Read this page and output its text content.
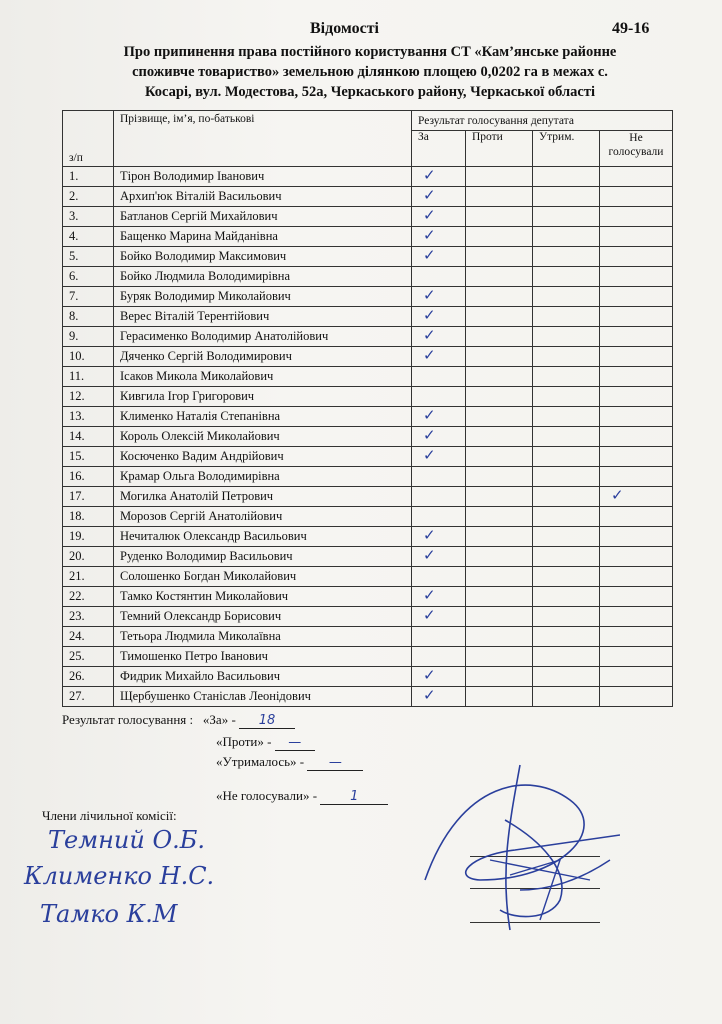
Відомості	49-16
Про припинення права постійного користування СТ «Кам’янське районне
споживче товариство» земельною ділянкою площею 0,0202 га в межах с.
Косарі, вул. Модестова, 52а, Черкаського району, Черкаської області
з/п	Прізвище, ім’я, по-батькові	Результат голосування депутата			
		За	Проти	Утрим.	Не голосували
1.	Тірон Володимир Іванович	✓			

2.	Архип'юк Віталій Васильович	✓			

3.	Батланов Сергій Михайлович	✓			

4.	Бащенко Марина Майданівна	✓			

5.	Бойко Володимир Максимович	✓			

6.	Бойко Людмила Володимирівна				
7.	Буряк Володимир Миколайович	✓			

8.	Верес Віталій Терентійович	✓			

9.	Герасименко Володимир Анатолійович	✓			

10.	Дяченко Сергій Володимирович	✓			

11.	Ісаков Микола Миколайович				
12.	Кивгила Ігор Григорович				
13.	Клименко Наталія Степанівна	✓			

14.	Король Олексій Миколайович	✓			

15.	Косюченко Вадим Андрійович	✓			

16.	Крамар Ольга Володимирівна				
17.	Могилка Анатолій Петрович				✓

18.	Морозов Сергій Анатолійович				
19.	Нечиталюк Олександр Васильович	✓			

20.	Руденко Володимир Васильович	✓			

21.	Солошенко Богдан Миколайович				
22.	Тамко Костянтин Миколайович	✓			

23.	Темний Олександр Борисович	✓			

24.	Тетьора Людмила Миколаївна				
25.	Тимошенко Петро Іванович				
26.	Фидрик Михайло Васильович	✓			

27.	Щербушенко Станіслав Леонідович	✓			

Результат голосування : «За» - 18
«Проти» - —
«Утрималось» - —
«Не голосували» -	1
Члени лічильної комісії:
Темний О.Б.
Клименко Н.С.
Тамко К.М
